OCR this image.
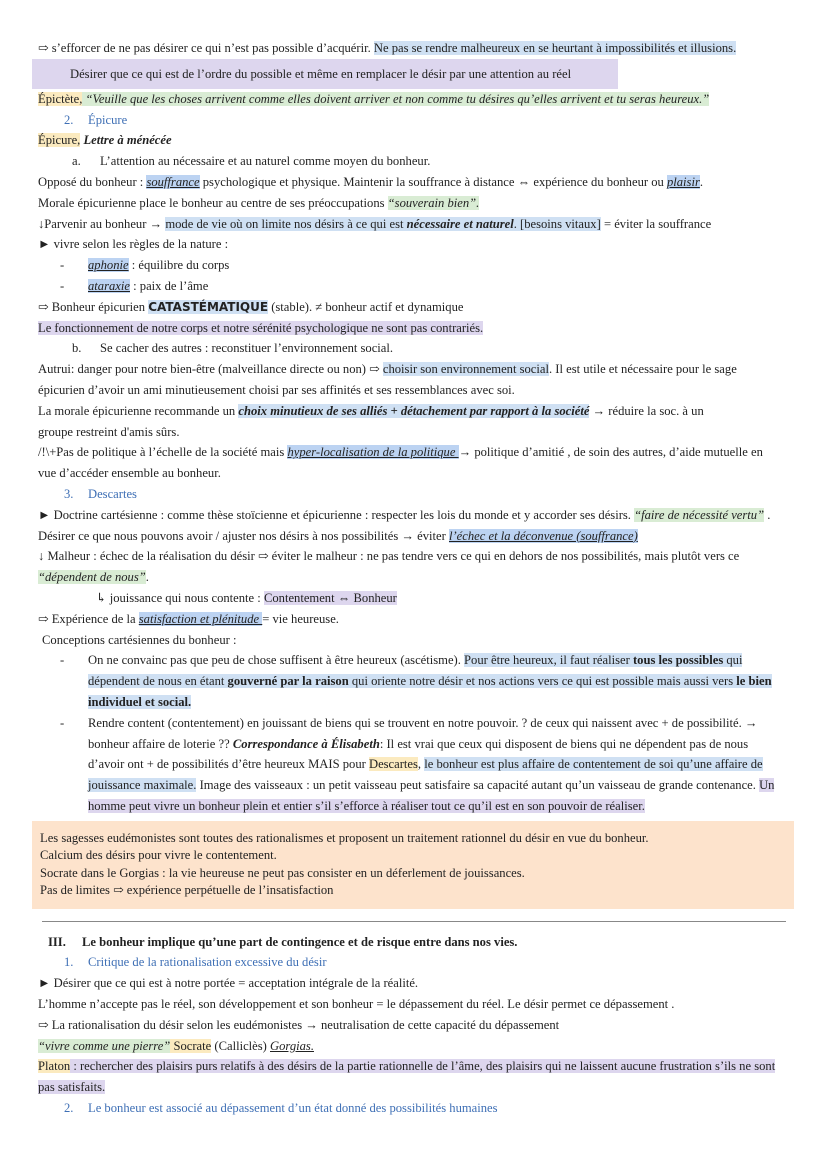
⇨ s’efforcer de ne pas désirer ce qui n’est pas possible d’acquérir. Ne pas se rendre malheureux en se heurtant à impossibilités et illusions.
Désirer que ce qui est de l’ordre du possible et même en remplacer le désir par une attention au réel
Épictète, “Veuille que les choses arrivent comme elles doivent arriver et non comme tu désires qu’elles arrivent et tu seras heureux.”
2. Épicure
Épicure, Lettre à ménécée
a. L’attention au nécessaire et au naturel comme moyen du bonheur.
Opposé du bonheur : souffrance psychologique et physique. Maintenir la souffrance à distance ⇔ expérience du bonheur ou plaisir.
Morale épicurienne place le bonheur au centre de ses préoccupations “souverain bien”.
↓Parvenir au bonheur → mode de vie où on limite nos désirs à ce qui est nécessaire et naturel. [besoins vitaux] = éviter la souffrance
► vivre selon les règles de la nature :
-	aphonie : équilibre du corps
-	ataraxie : paix de l’âme
⇨ Bonheur épicurien CATASTÉMATIQUE (stable). ≠ bonheur actif et dynamique
Le fonctionnement de notre corps et notre sérénité psychologique ne sont pas contrariés.
b. Se cacher des autres : reconstituer l’environnement social.
Autrui: danger pour notre bien-être (malveillance directe ou non) ⇨ choisir son environnement social. Il est utile et nécessaire pour le sage
épicurien d’avoir un ami minutieusement choisi par ses affinités et ses ressemblances avec soi.
La morale épicurienne recommande un choix minutieux de ses alliés + détachement par rapport à la société → réduire la soc. à un
groupe restreint d'amis sûrs.
/!\+Pas de politique à l’échelle de la société mais hyper-localisation de la politique → politique d’amitié , de soin des autres, d’aide mutuelle en
vue d’accéder ensemble au bonheur.
3. Descartes
► Doctrine cartésienne : comme thèse stoïcienne et épicurienne : respecter les lois du monde et y accorder ses désirs. “faire de nécessité vertu” .
Désirer ce que nous pouvons avoir / ajuster nos désirs à nos possibilités → éviter l’échec et la déconvenue (souffrance)
↓ Malheur : échec de la réalisation du désir ⇨ éviter le malheur : ne pas tendre vers ce qui en dehors de nos possibilités, mais plutôt vers ce
“dépendent de nous”.
↳ jouissance qui nous contente : Contentement ⇔ Bonheur
⇨ Expérience de la satisfaction et plénitude = vie heureuse.
Conceptions cartésiennes du bonheur :
-	On ne convainc pas que peu de chose suffisent à être heureux (ascétisme). Pour être heureux, il faut réaliser tous les possibles qui dépendent de nous en étant gouverné par la raison qui oriente notre désir et nos actions vers ce qui est possible mais aussi vers le bien individuel et social.
-	Rendre content (contentement) en jouissant de biens qui se trouvent en notre pouvoir. ? de ceux qui naissent avec + de possibilité. → bonheur affaire de loterie ?? Correspondance à Élisabeth: Il est vrai que ceux qui disposent de biens qui ne dépendent pas de nous d’avoir ont + de possibilités d’être heureux MAIS pour Descartes, le bonheur est plus affaire de contentement de soi qu’une affaire de jouissance maximale. Image des vaisseaux : un petit vaisseau peut satisfaire sa capacité autant qu’un vaisseau de grande contenance. Un homme peut vivre un bonheur plein et entier s’il s’efforce à réaliser tout ce qu’il est en son pouvoir de réaliser.
Les sagesses eudémonistes sont toutes des rationalismes et proposent un traitement rationnel du désir en vue du bonheur.
Calcium des désirs pour vivre le contentement.
Socrate dans le Gorgias : la vie heureuse ne peut pas consister en un déferlement de jouissances.
Pas de limites ⇨ expérience perpétuelle de l’insatisfaction
III. Le bonheur implique qu’une part de contingence et de risque entre dans nos vies.
1. Critique de la rationalisation excessive du désir
► Désirer que ce qui est à notre portée = acceptation intégrale de la réalité.
L’homme n’accepte pas le réel, son développement et son bonheur = le dépassement du réel. Le désir permet ce dépassement .
⇨ La rationalisation du désir selon les eudémonistes → neutralisation de cette capacité du dépassement
“vivre comme une pierre” Socrate (Calliclès) Gorgias.
Platon : rechercher des plaisirs purs relatifs à des désirs de la partie rationnelle de l’âme, des plaisirs qui ne laissent aucune frustration s’ils ne sont pas satisfaits.
2. Le bonheur est associé au dépassement d’un état donné des possibilités humaines
